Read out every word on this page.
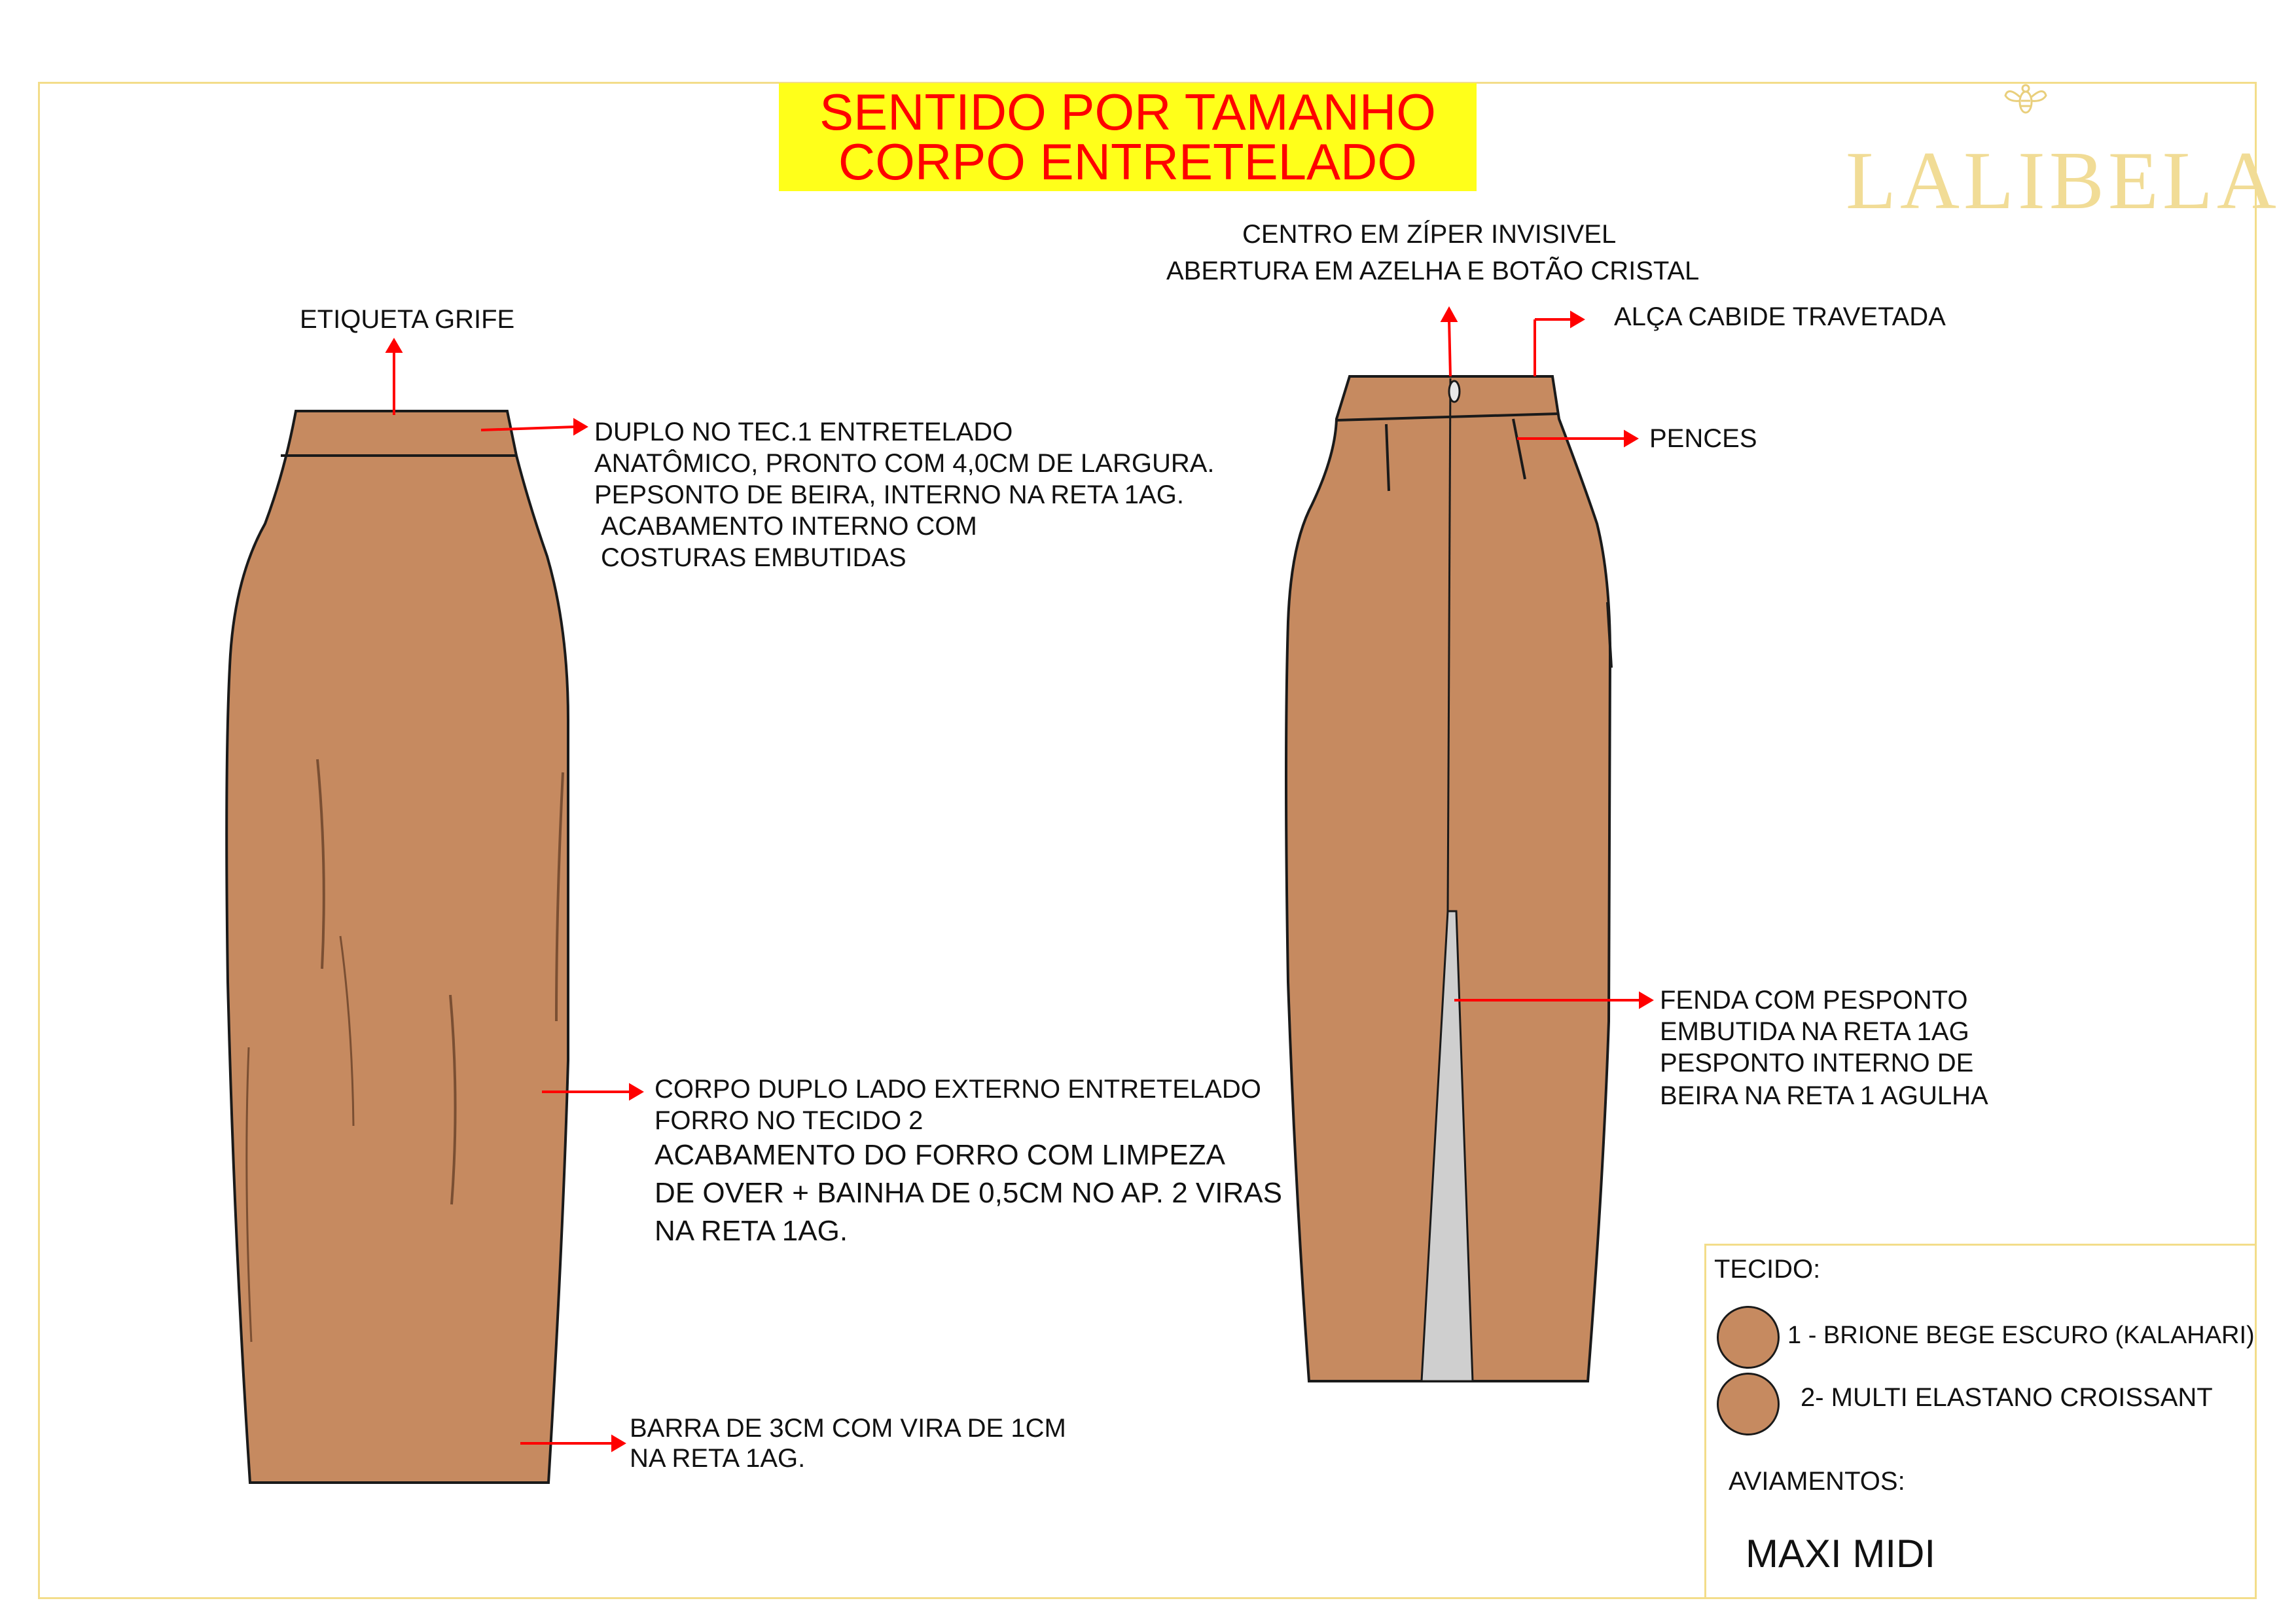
SENTIDO POR TAMANHO
CORPO ENTRETELADO	LALIBELA
ETIQUETA GRIFE
DUPLO NO TEC.1 ENTRETELADO
ANATÔMICO, PRONTO COM 4,0CM DE LARGURA.
PEPSONTO DE BEIRA, INTERNO NA RETA 1AG.
ACABAMENTO INTERNO COM
COSTURAS EMBUTIDAS
CORPO DUPLO LADO EXTERNO ENTRETELADO
FORRO NO TECIDO 2
ACABAMENTO DO FORRO COM LIMPEZA
DE OVER + BAINHA DE 0,5CM NO AP. 2 VIRAS
NA RETA 1AG.
BARRA DE 3CM COM VIRA DE 1CM
NA RETA 1AG.
CENTRO EM ZÍPER INVISIVEL
ABERTURA EM AZELHA E BOTÃO CRISTAL
ALÇA CABIDE TRAVETADA
PENCES
FENDA COM PESPONTO
EMBUTIDA NA RETA 1AG
PESPONTO INTERNO DE
BEIRA NA RETA 1 AGULHA
TECIDO:
1 - BRIONE BEGE ESCURO (KALAHARI)
2- MULTI ELASTANO CROISSANT
AVIAMENTOS:
MAXI MIDI
